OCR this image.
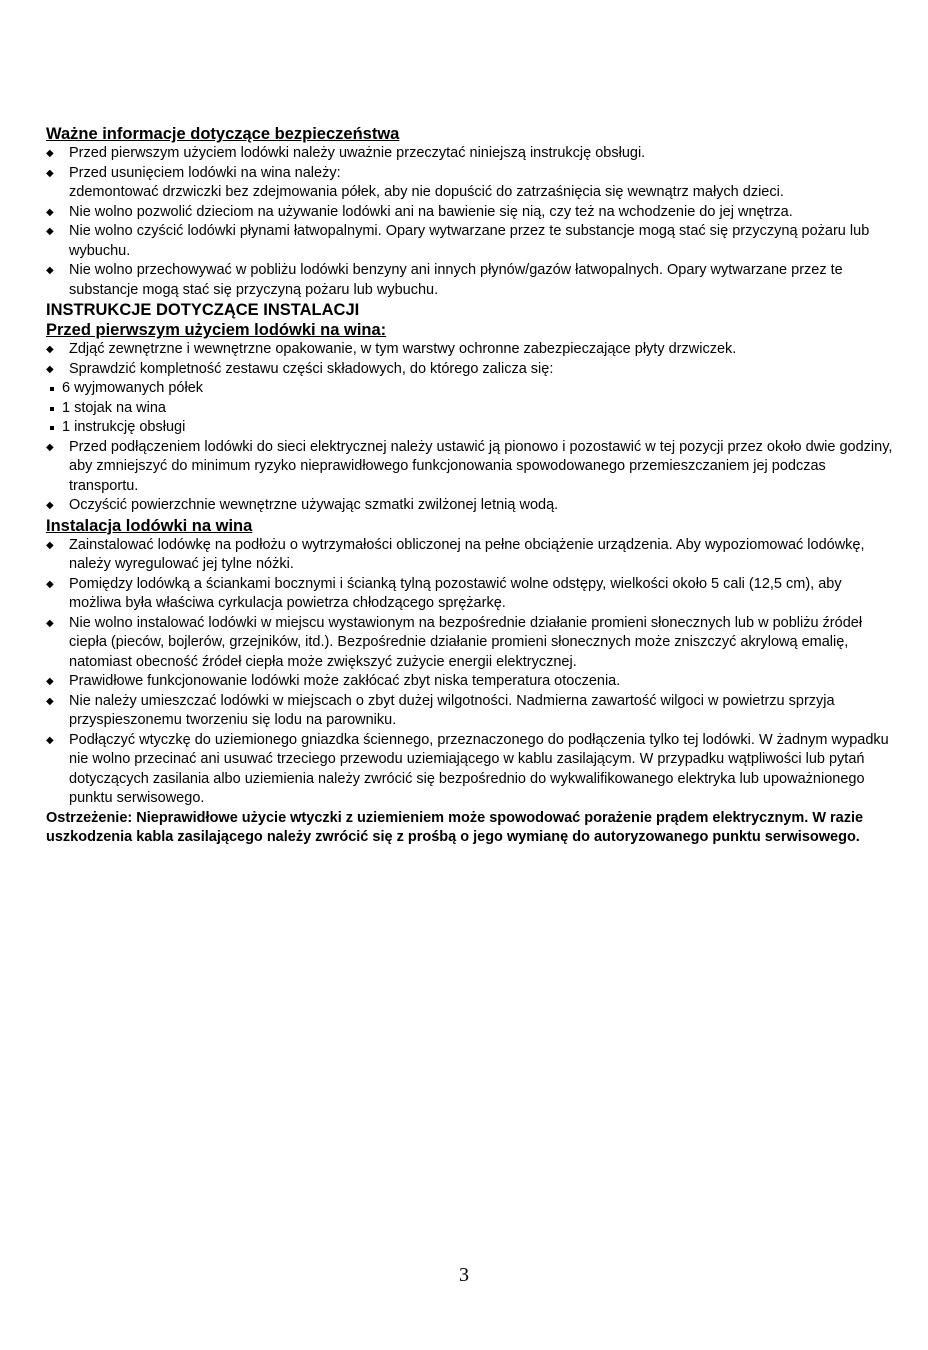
Ważne informacje dotyczące bezpieczeństwa

◆ Przed pierwszym użyciem lodówki należy uważnie przeczytać niniejszą instrukcję obsługi.
◆ Przed usunięciem lodówki na wina należy:
zdemontować drzwiczki bez zdejmowania półek, aby nie dopuścić do zatrzaśnięcia się wewnątrz małych dzieci.
◆ Nie wolno pozwolić dzieciom na używanie lodówki ani na bawienie się nią, czy też na wchodzenie do jej wnętrza.
◆ Nie wolno czyścić lodówki płynami łatwopalnymi. Opary wytwarzane przez te substancje mogą stać się przyczyną pożaru lub wybuchu.
◆ Nie wolno przechowywać w pobliżu lodówki benzyny ani innych płynów/gazów łatwopalnych. Opary wytwarzane przez te substancje mogą stać się przyczyną pożaru lub wybuchu.

INSTRUKCJE DOTYCZĄCE INSTALACJI

Przed pierwszym użyciem lodówki na wina:

◆ Zdjąć zewnętrzne i wewnętrzne opakowanie, w tym warstwy ochronne zabezpieczające płyty drzwiczek.
◆ Sprawdzić kompletność zestawu części składowych, do którego zalicza się:
6 wyjmowanych półek
1 stojak na wina
1 instrukcję obsługi
◆ Przed podłączeniem lodówki do sieci elektrycznej należy ustawić ją pionowo i pozostawić w tej pozycji przez około dwie godziny, aby zmniejszyć do minimum ryzyko nieprawidłowego funkcjonowania spowodowanego przemieszczaniem jej podczas transportu.
◆ Oczyścić powierzchnie wewnętrzne używając szmatki zwilżonej letnią wodą.

Instalacja lodówki na wina

◆ Zainstalować lodówkę na podłożu o wytrzymałości obliczonej na pełne obciążenie urządzenia. Aby wypoziomować lodówkę, należy wyregulować jej tylne nóżki.
◆ Pomiędzy lodówką a ściankami bocznymi i ścianką tylną pozostawić wolne odstępy, wielkości około 5 cali (12,5 cm), aby możliwa była właściwa cyrkulacja powietrza chłodzącego sprężarkę.
◆ Nie wolno instalować lodówki w miejscu wystawionym na bezpośrednie działanie promieni słonecznych lub w pobliżu źródeł ciepła (pieców, bojlerów, grzejników, itd.). Bezpośrednie działanie promieni słonecznych może zniszczyć akrylową emalię, natomiast obecność źródeł ciepła może zwiększyć zużycie energii elektrycznej.
◆ Prawidłowe funkcjonowanie lodówki może zakłócać zbyt niska temperatura otoczenia.
◆ Nie należy umieszczać lodówki w miejscach o zbyt dużej wilgotności. Nadmierna zawartość wilgoci w powietrzu sprzyja przyspieszonemu tworzeniu się lodu na parowniku.
◆ Podłączyć wtyczkę do uziemionego gniazdka ściennego, przeznaczonego do podłączenia tylko tej lodówki. W żadnym wypadku nie wolno przecinać ani usuwać trzeciego przewodu uziemiającego w kablu zasilającym. W przypadku wątpliwości lub pytań dotyczących zasilania albo uziemienia należy zwrócić się bezpośrednio do wykwalifikowanego elektryka lub upoważnionego punktu serwisowego.

Ostrzeżenie: Nieprawidłowe użycie wtyczki z uziemieniem może spowodować porażenie prądem elektrycznym. W razie uszkodzenia kabla zasilającego należy zwrócić się z prośbą o jego wymianę do autoryzowanego punktu serwisowego.

3
